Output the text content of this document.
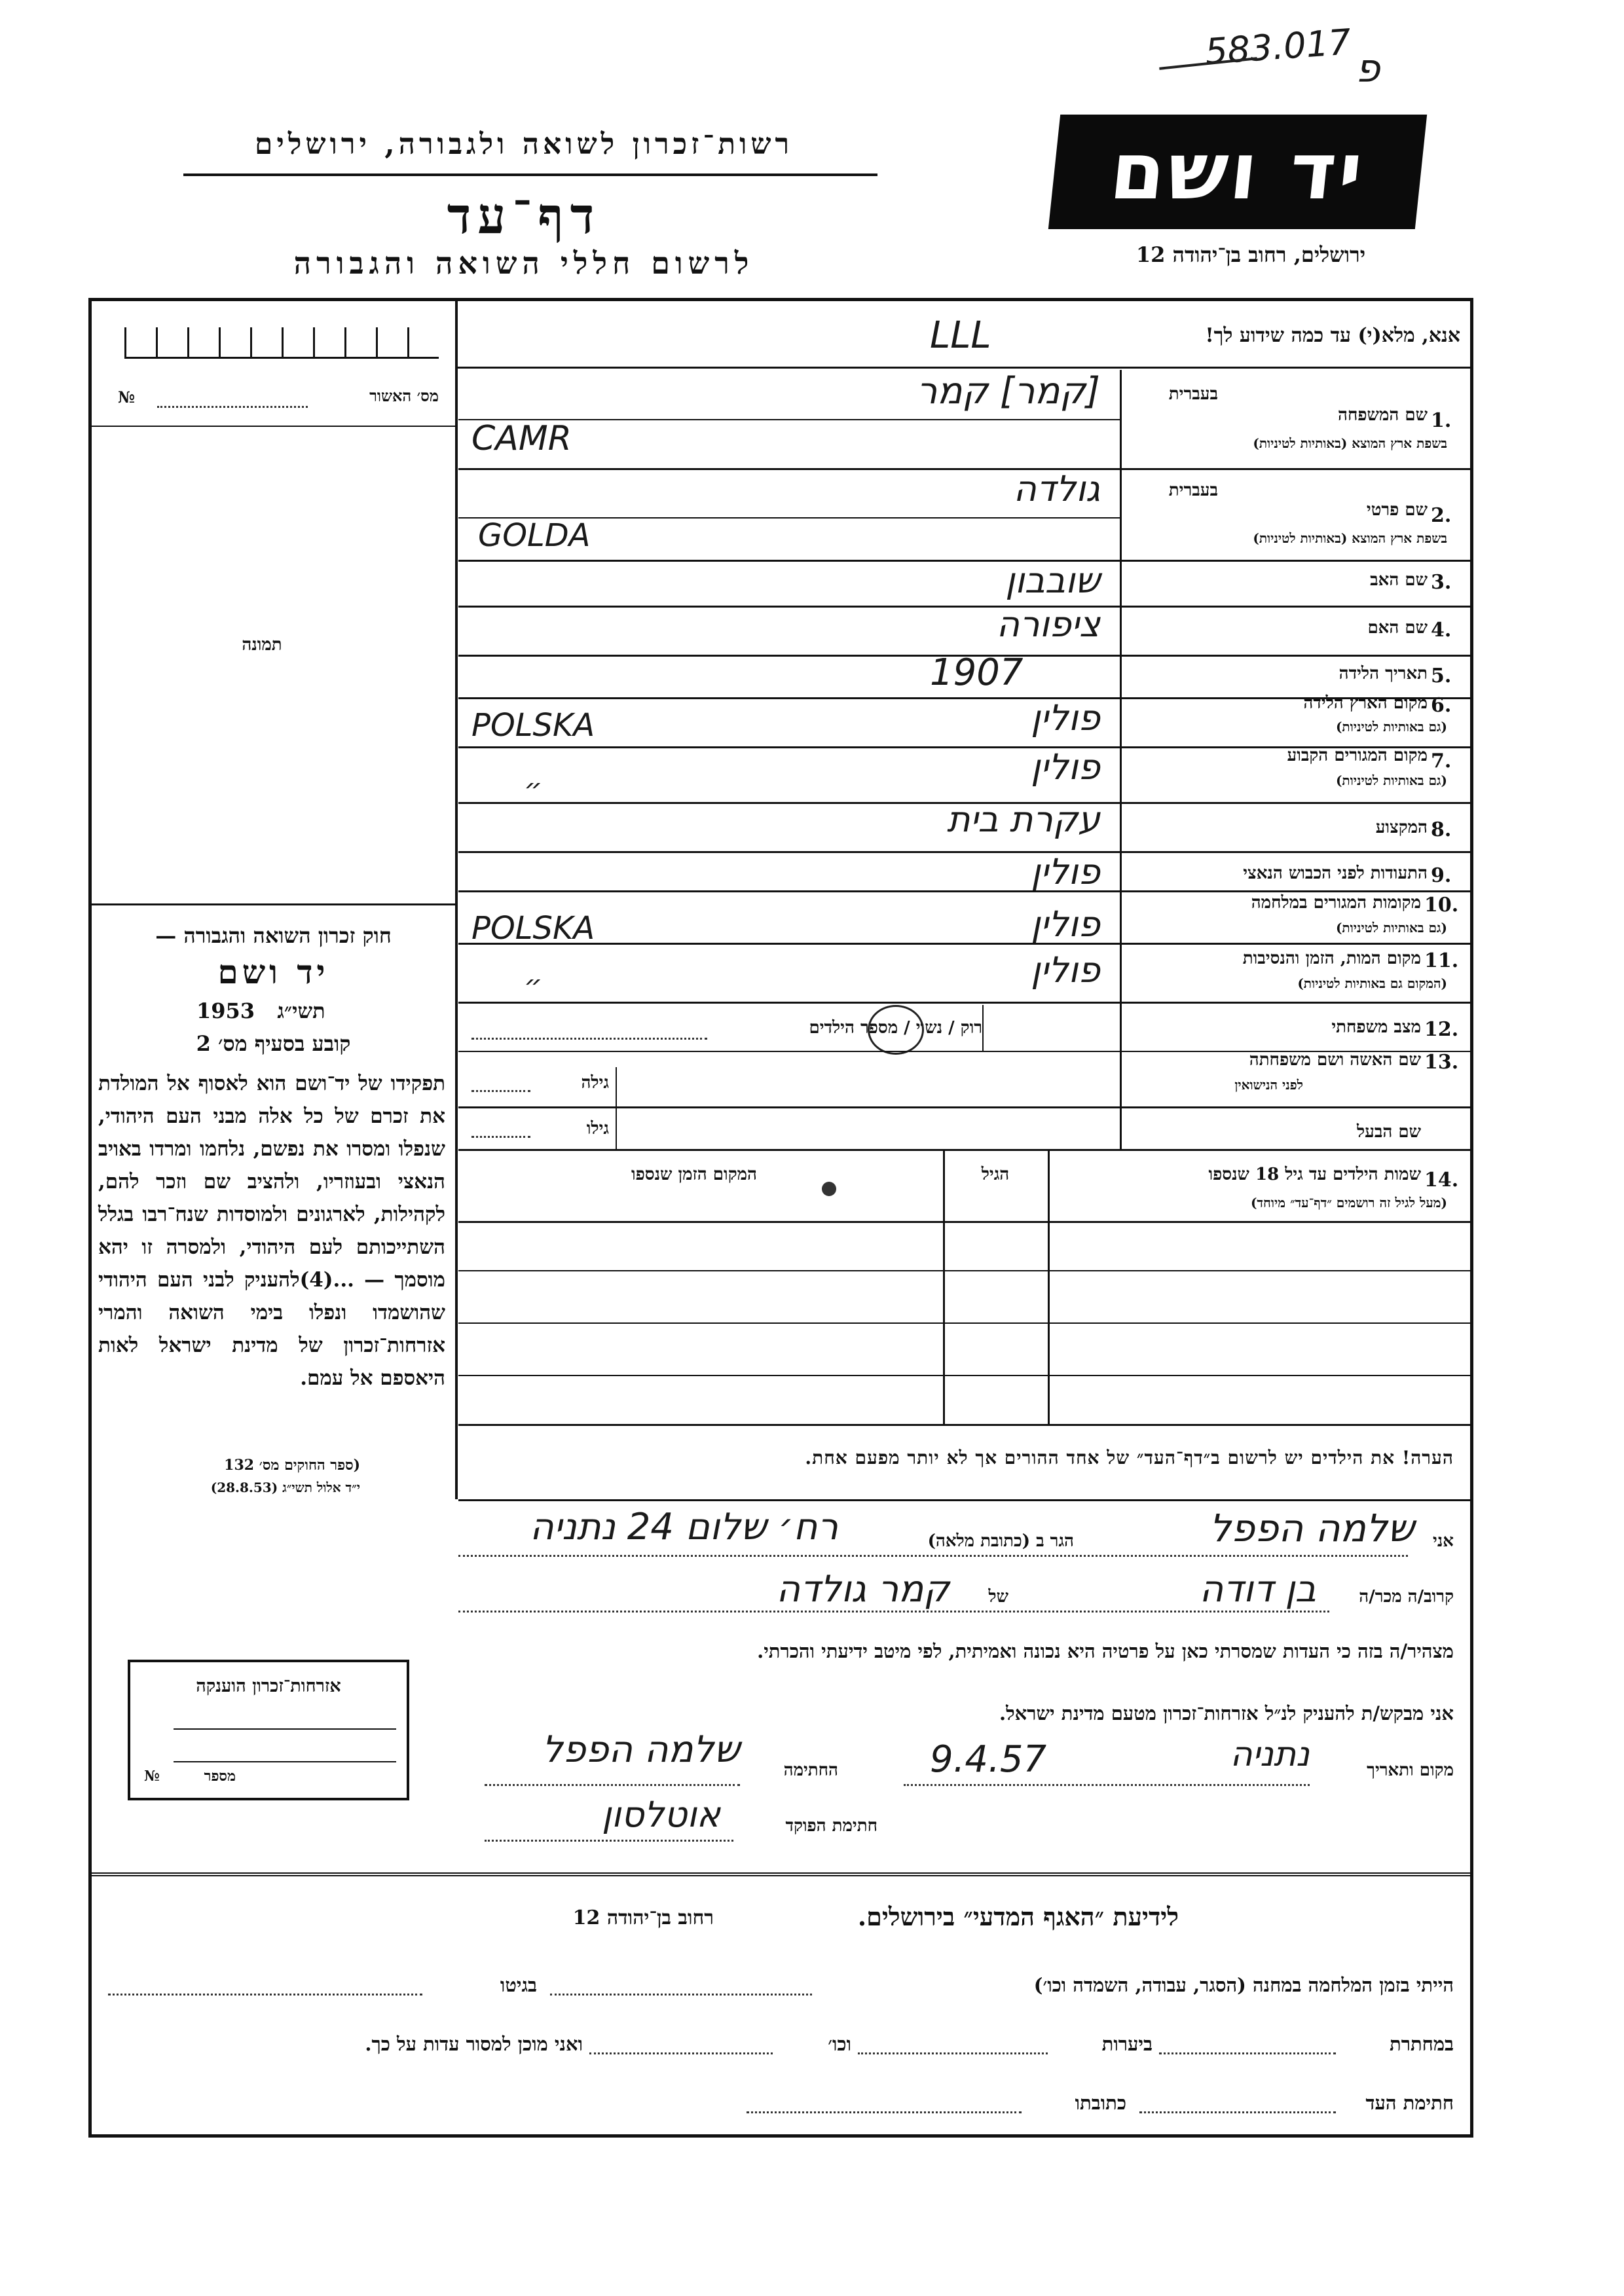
583.017 פ
רשות־זכרון לשואה ולגבורה, ירושלים
דף־עד
לרשום חללי השואה והגבורה
יד ושם
ירושלים, רחוב בן־יהודה 12
מס׳ האשור
№
תמונה
חוק זכרון השואה והגבורה —
יד ושם
תשי״ג
1953
קובע בסעיף מס׳ 2
תפקידו של יד־ושם הוא לאסוף אל המולדת את זכרם של כל אלה מבני העם היהודי, שנפלו ומסרו את נפשם, נלחמו ומרדו באויב הנאצי ובעוזריו, ולהציב שם וזכר להם, לקהילות, לארגונים ולמוסדות שנח־רבו בגלל השתייכותם לעם היהודי, ולמסרה זו יהא מוסמך — ...(4)להעניק לבני העם היהודי שהושמדו ונפלו בימי השואה והמרי אזרחות־זכרון של מדינת ישראל לאות היאספם אל עמם.
(ספר החוקים מס׳ 132
י״ד אלול תשי״ג (28.8.53)
אנא, מלא(י) עד כמה שידוע לך!
ᒪᒪᒪ
1.
שם המשפחה
בשפת ארץ המוצא (באותיות לטיניות)
בעברית
[קמר] קמר
CAMR
2.
שם פרטי
בשפת ארץ המוצא (באותיות לטיניות)
בעברית
גולדה
GOLDA
3.
שם האב
שובבון
4.
שם האם
ציפורה
5.
תאריך הלידה
1907
6.
מקום הארץ הלידה
(גם באותיות לטיניות)
פולין
POLSKA
7.
מקום המגורים הקבוע
(גם באותיות לטיניות)
פולין
״
8.
המקצוע
עקרת בית
9.
התעודות לפני הכבוש הנאצי
פולין
10.
מקומות המגורים במלחמה
(גם באותיות לטיניות)
פולין
POLSKA
11.
מקום המות, הזמן והנסיבות
(המקום גם באותיות לטיניות)
פולין
״
12.
מצב משפחתי
רוק / נשוי / מספר הילדים
13.
שם האשה ושם משפחתה
לפני הנישואין
גילה
שם הבעל
גילו
14.
שמות הילדים עד גיל 18 שנספו
(מעל לגיל זה רושמים ״דף־עד״ מיוחד)
הגיל
המקום הזמן שנספו
הערה! את הילדים יש לרשום ב״דף־העד״ של אחד ההורים אך לא יותר מפעם אחת.
אני
שלמה הפפל
הגר ב (כתובת מלאה)
רח׳ שלום 24 נתניה
קרוב/ה מכר/ה
בן דודה
של
קמר גולדה
מצהיר/ה בזה כי העדות שמסרתי כאן על פרטיה היא נכונה ואמיתית, לפי מיטב ידיעתי והכרתי.
אני מבקש/ת להעניק לנ״ל אזרחות־זכרון מטעם מדינת ישראל.
מקום ותאריך
נתניה
9.4.57
החתימה
שלמה הפפל
חתימת הפוקד
אוטלסון
אזרחות־זכרון הוענקה
מספר
№
לידיעת ״האגף המדעי״ בירושלים.
רחוב בן־יהודה 12
הייתי בזמן המלחמה במחנה (הסגר, עבודה, השמדה וכו׳)
בגיטו
במחתרת
ביערות
וכו׳
ואני מוכן למסור עדות על כך.
חתימת העד
כתובתו
